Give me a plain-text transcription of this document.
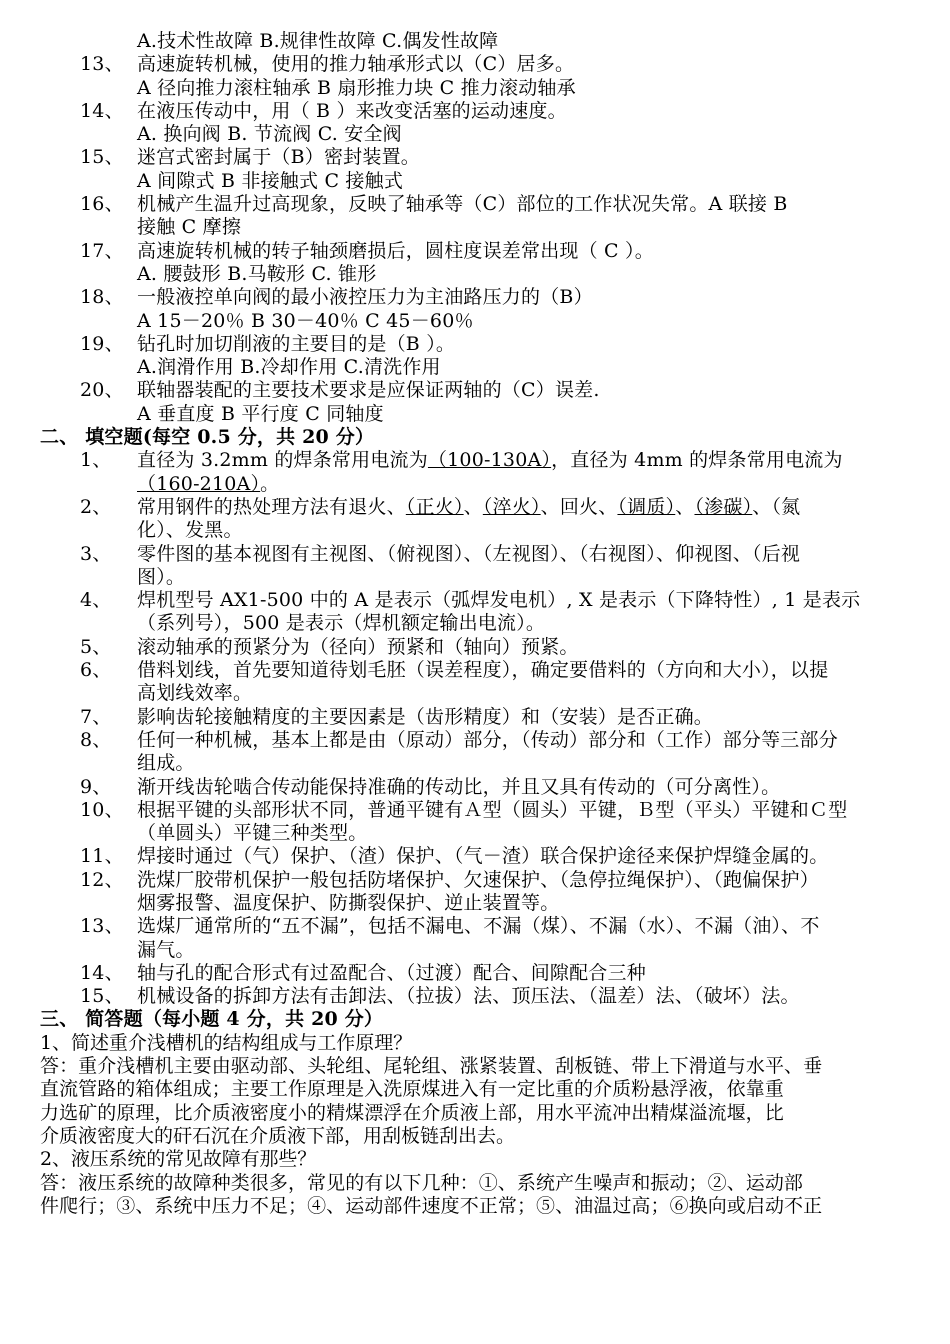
A.技术性故障 B.规律性故障 C.偶发性故障
13、 高速旋转机械，使用的推力轴承形式以（C）居多。
A 径向推力滚柱轴承 B 扇形推力块 C 推力滚动轴承
14、 在液压传动中，用（ B ）来改变活塞的运动速度。
A. 换向阀 B. 节流阀 C. 安全阀
15、 迷宫式密封属于（B）密封装置。
A 间隙式 B 非接触式 C 接触式
16、 机械产生温升过高现象，反映了轴承等（C）部位的工作状况失常。A 联接 B
接触 C 摩擦
17、 高速旋转机械的转子轴颈磨损后，圆柱度误差常出现（ C ）。
A. 腰鼓形 B.马鞍形 C. 锥形
18、 一般液控单向阀的最小液控压力为主油路压力的（B）
A 15－20％ B 30－40％ C 45－60％
19、 钻孔时加切削液的主要目的是（B ）。
A.润滑作用 B.冷却作用 C.清洗作用
20、 联轴器装配的主要技术要求是应保证两轴的（C）误差.
A 垂直度 B 平行度 C 同轴度
二、 填空题(每空 0.5 分，共 20 分）
1、 直径为 3.2mm 的焊条常用电流为（100-130A），直径为 4mm 的焊条常用电流为
（160-210A）。
2、 常用钢件的热处理方法有退火、（正火）、（淬火）、回火、（调质）、（渗碳）、（氮
化）、发黑。
3、 零件图的基本视图有主视图、（俯视图）、（左视图）、（右视图）、仰视图、（后视
图）。
4、 焊机型号 AX1-500 中的 A 是表示（弧焊发电机）, X 是表示（下降特性）, 1 是表示
（系列号），500 是表示（焊机额定输出电流）。
5、 滚动轴承的预紧分为（径向）预紧和（轴向）预紧。
6、 借料划线，首先要知道待划毛胚（误差程度），确定要借料的（方向和大小），以提
高划线效率。
7、 影响齿轮接触精度的主要因素是（齿形精度）和（安装）是否正确。
8、 任何一种机械，基本上都是由（原动）部分，（传动）部分和（工作）部分等三部分
组成。
9、 渐开线齿轮啮合传动能保持准确的传动比，并且又具有传动的（可分离性）。
10、 根据平键的头部形状不同，普通平键有Ａ型（圆头）平键，Ｂ型（平头）平键和Ｃ型
（单圆头）平键三种类型。
11、 焊接时通过（气）保护、（渣）保护、（气－渣）联合保护途径来保护焊缝金属的。
12、 洗煤厂胶带机保护一般包括防堵保护、欠速保护、（急停拉绳保护）、（跑偏保护）
烟雾报警、温度保护、防撕裂保护、逆止装置等。
13、 选煤厂通常所的“五不漏”，包括不漏电、不漏（煤）、不漏（水）、不漏（油）、不
漏气。
14、 轴与孔的配合形式有过盈配合、（过渡）配合、间隙配合三种
15、 机械设备的拆卸方法有击卸法、（拉拔）法、顶压法、（温差）法、（破坏）法。
三、 简答题（每小题 4 分，共 20 分）
1、简述重介浅槽机的结构组成与工作原理？
答：重介浅槽机主要由驱动部、头轮组、尾轮组、涨紧装置、刮板链、带上下滑道与水平、垂
直流管路的箱体组成；主要工作原理是入洗原煤进入有一定比重的介质粉悬浮液，依靠重
力选矿的原理，比介质液密度小的精煤漂浮在介质液上部，用水平流冲出精煤溢流堰，比
介质液密度大的矸石沉在介质液下部，用刮板链刮出去。
2、液压系统的常见故障有那些？
答：液压系统的故障种类很多，常见的有以下几种：①、系统产生噪声和振动；②、运动部
件爬行；③、系统中压力不足；④、运动部件速度不正常；⑤、油温过高；⑥换向或启动不正
